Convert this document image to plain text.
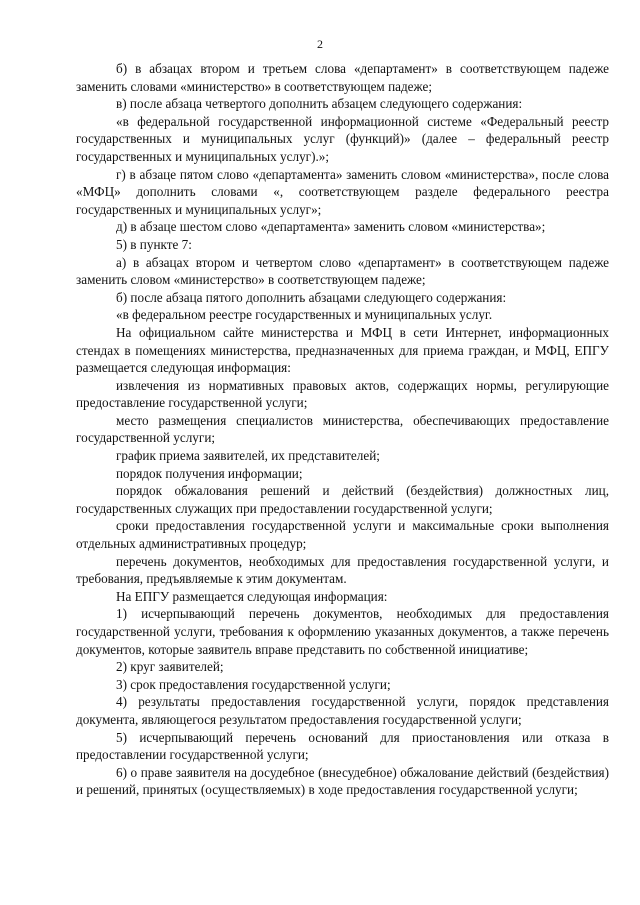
2

б) в абзацах втором и третьем слова «департамент» в соответствующем падеже заменить словами «министерство» в соответствующем падеже;

в) после абзаца четвертого дополнить абзацем следующего содержания:

«в федеральной государственной информационной системе «Федеральный реестр государственных и муниципальных услуг (функций)» (далее – федеральный реестр государственных и муниципальных услуг).»;

г) в абзаце пятом слово «департамента» заменить словом «министерства», после слова «МФЦ» дополнить словами «, соответствующем разделе федерального реестра государственных и муниципальных услуг»;

д) в абзаце шестом слово «департамента» заменить словом «министерства»;

5) в пункте 7:

а) в абзацах втором и четвертом слово «департамент» в соответствующем падеже заменить словом «министерство» в соответствующем падеже;

б) после абзаца пятого дополнить абзацами следующего содержания:

«в федеральном реестре государственных и муниципальных услуг.

На официальном сайте министерства и МФЦ в сети Интернет, информационных стендах в помещениях министерства, предназначенных для приема граждан, и МФЦ, ЕПГУ размещается следующая информация:

извлечения из нормативных правовых актов, содержащих нормы, регулирующие предоставление государственной услуги;

место размещения специалистов министерства, обеспечивающих предоставление государственной услуги;

график приема заявителей, их представителей;

порядок получения информации;

порядок обжалования решений и действий (бездействия) должностных лиц, государственных служащих при предоставлении государственной услуги;

сроки предоставления государственной услуги и максимальные сроки выполнения отдельных административных процедур;

перечень документов, необходимых для предоставления государственной услуги, и требования, предъявляемые к этим документам.

На ЕПГУ размещается следующая информация:

1) исчерпывающий перечень документов, необходимых для предоставления государственной услуги, требования к оформлению указанных документов, а также перечень документов, которые заявитель вправе представить по собственной инициативе;

2) круг заявителей;

3) срок предоставления государственной услуги;

4) результаты предоставления государственной услуги, порядок представления документа, являющегося результатом предоставления государственной услуги;

5) исчерпывающий перечень оснований для приостановления или отказа в предоставлении государственной услуги;

6) о праве заявителя на досудебное (внесудебное) обжалование действий (бездействия) и решений, принятых (осуществляемых) в ходе предоставления государственной услуги;
